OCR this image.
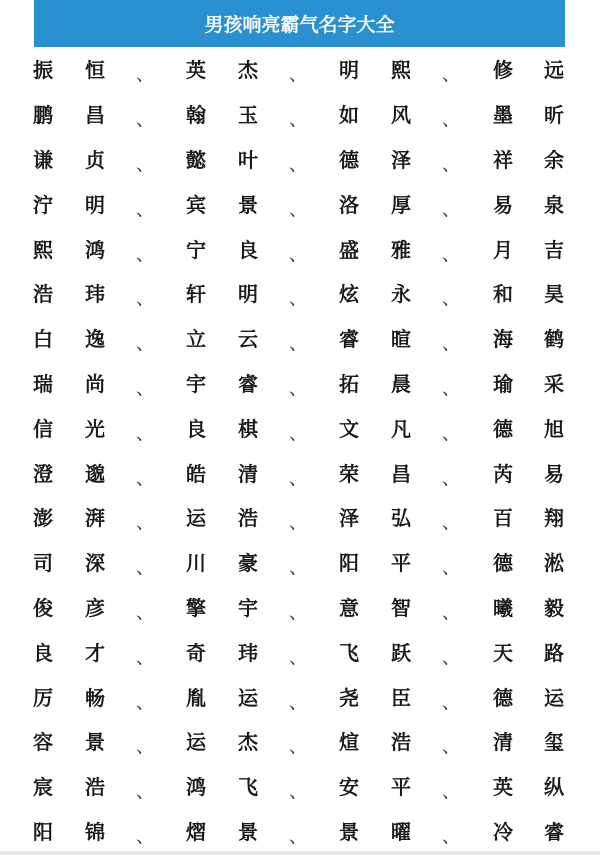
男孩响亮霸气名字大全
振 恒	英 杰	明 熙	修 远
、	、	、
鹏 昌	翰 玉	如 风	墨 昕
、	、	、
谦 贞	懿 叶	德 泽	祥 余
、	、	、
泞 明	宾 景	洛 厚	易 泉
、	、	、
熙 鸿	宁 良	盛 雅	月 吉
、	、	、
浩 玮	轩 明	炫 永	和 昊
、	、	、
白 逸	立 云	睿 暄	海 鹤
、	、	、
瑞 尚	宇 睿	拓 晨	瑜 采
、	、	、
信 光	良 棋	文 凡	德 旭
、	、	、
澄 邈	皓 清	荣 昌	芮 易
、	、	、
澎 湃	运 浩	泽 弘	百 翔
、	、	、
司 深	川 豪	阳 平	德 淞
、	、	、
俊 彦	擎 宇	意 智	曦 毅
、	、	、
良 才	奇 玮	飞 跃	天 路
、	、	、
厉 畅	胤 运	尧 臣	德 运
、	、	、
容 景	运 杰	煊 浩	清 玺
、	、	、
宸 浩	鸿 飞	安 平	英 纵
、	、	、
阳 锦	熠 景	景 曜	冷 睿
、	、	、
